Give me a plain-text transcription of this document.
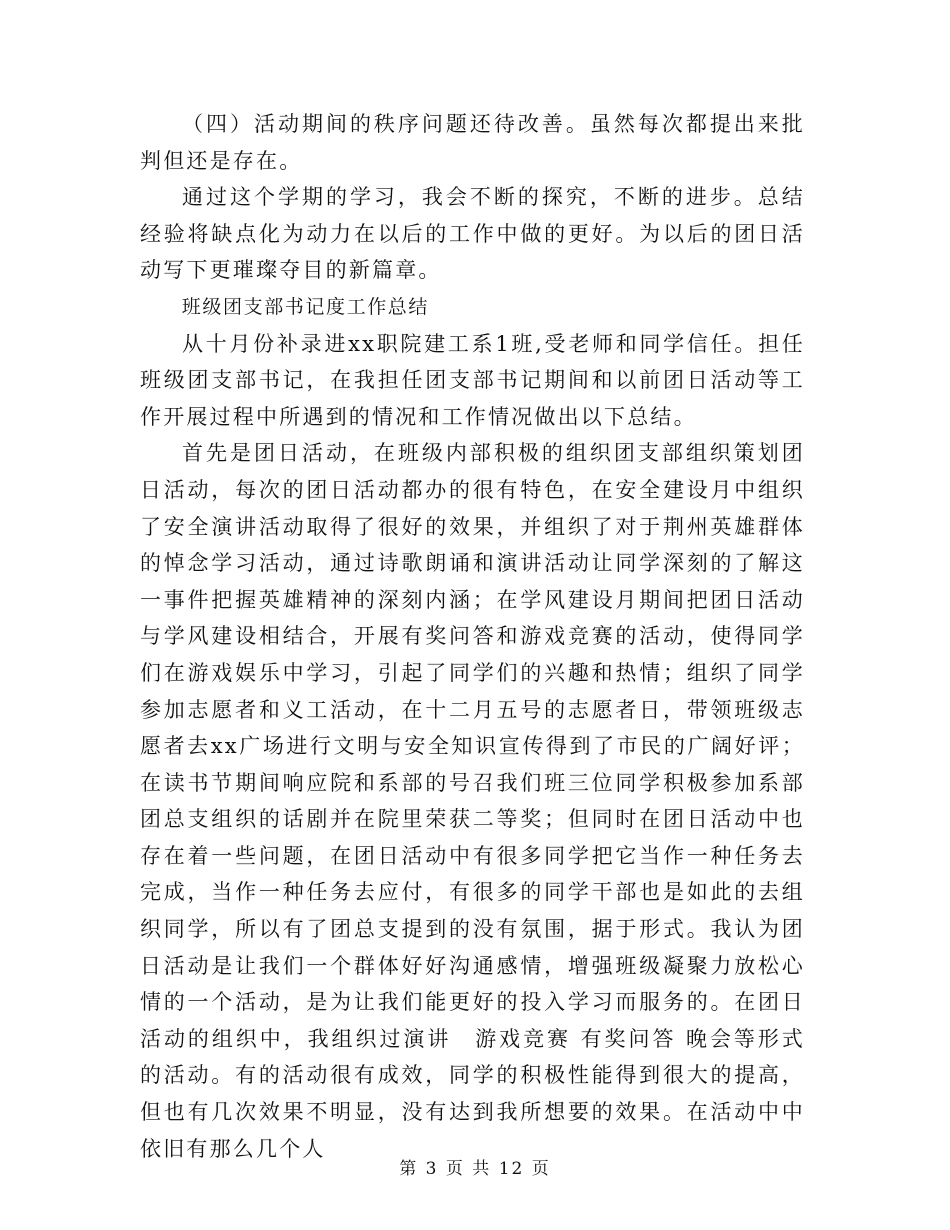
（四）活动期间的秩序问题还待改善。虽然每次都提出来批判但还是存在。

通过这个学期的学习，我会不断的探究，不断的进步。总结经验将缺点化为动力在以后的工作中做的更好。为以后的团日活动写下更璀璨夺目的新篇章。

班级团支部书记度工作总结

从十月份补录进xx职院建工系1班,受老师和同学信任。担任班级团支部书记，在我担任团支部书记期间和以前团日活动等工作开展过程中所遇到的情况和工作情况做出以下总结。

首先是团日活动，在班级内部积极的组织团支部组织策划团日活动，每次的团日活动都办的很有特色，在安全建设月中组织了安全演讲活动取得了很好的效果，并组织了对于荆州英雄群体的悼念学习活动，通过诗歌朗诵和演讲活动让同学深刻的了解这一事件把握英雄精神的深刻内涵；在学风建设月期间把团日活动与学风建设相结合，开展有奖问答和游戏竞赛的活动，使得同学们在游戏娱乐中学习，引起了同学们的兴趣和热情；组织了同学参加志愿者和义工活动，在十二月五号的志愿者日，带领班级志愿者去xx广场进行文明与安全知识宣传得到了市民的广阔好评；在读书节期间响应院和系部的号召我们班三位同学积极参加系部团总支组织的话剧并在院里荣获二等奖；但同时在团日活动中也存在着一些问题，在团日活动中有很多同学把它当作一种任务去完成，当作一种任务去应付，有很多的同学干部也是如此的去组织同学，所以有了团总支提到的没有氛围，据于形式。我认为团日活动是让我们一个群体好好沟通感情，增强班级凝聚力放松心情的一个活动，是为让我们能更好的投入学习而服务的。在团日活动的组织中，我组织过演讲　游戏竞赛 有奖问答 晚会等形式的活动。有的活动很有成效，同学的积极性能得到很大的提高，但也有几次效果不明显，没有达到我所想要的效果。在活动中中依旧有那么几个人

第 3 页 共 12 页
